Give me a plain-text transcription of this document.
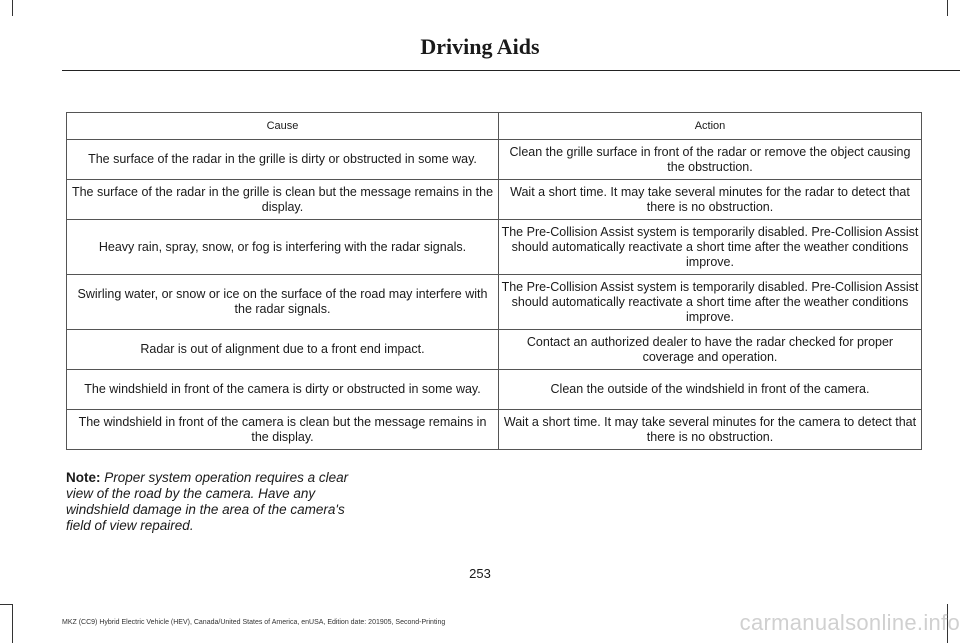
Driving Aids
Cause	Action
The surface of the radar in the grille is dirty or obstructed in some way.	Clean the grille surface in front of the radar or remove the object causing the obstruction.
The surface of the radar in the grille is clean but the message remains in the display.	Wait a short time. It may take several minutes for the radar to detect that there is no obstruction.
Heavy rain, spray, snow, or fog is interfering with the radar signals.	The Pre-Collision Assist system is temporarily disabled. Pre-Collision Assist should automatically reactivate a short time after the weather conditions improve.
Swirling water, or snow or ice on the surface of the road may interfere with the radar signals.	The Pre-Collision Assist system is temporarily disabled. Pre-Collision Assist should automatically reactivate a short time after the weather conditions improve.
Radar is out of alignment due to a front end impact.	Contact an authorized dealer to have the radar checked for proper coverage and operation.
The windshield in front of the camera is dirty or obstructed in some way.	Clean the outside of the windshield in front of the camera.
The windshield in front of the camera is clean but the message remains in the display.	Wait a short time. It may take several minutes for the camera to detect that there is no obstruction.
Note: Proper system operation requires a clear view of the road by the camera. Have any windshield damage in the area of the camera's field of view repaired.
253
MKZ (CC9) Hybrid Electric Vehicle (HEV), Canada/United States of America, enUSA, Edition date: 201905, Second-Printing	carmanualsonline.info
